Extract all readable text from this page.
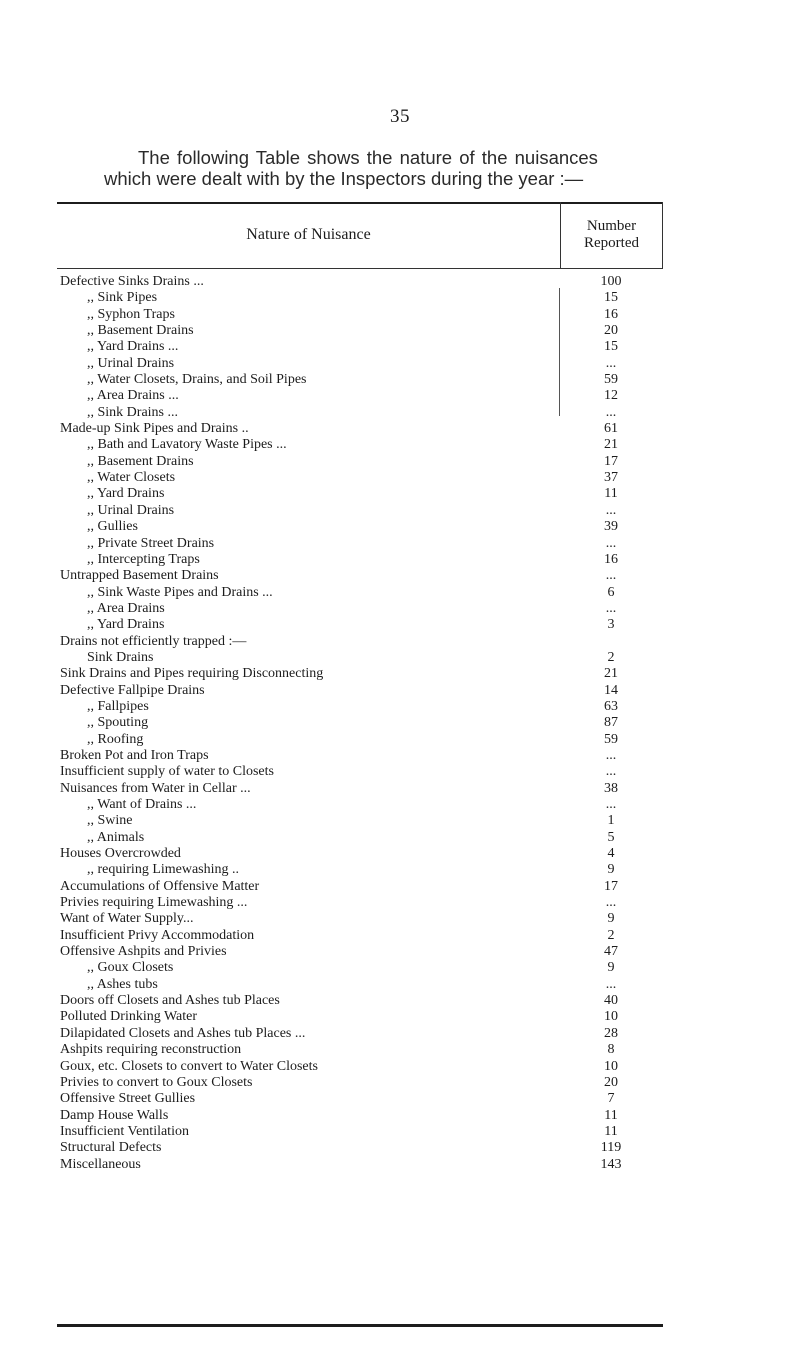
35
The following Table shows the nature of the nuisances
which were dealt with by the Inspectors during the year :—
Nature of Nuisance	Number
Reported
Defective Sinks Drains ...	100
,, Sink Pipes	15
,, Syphon Traps	16
,, Basement Drains	20
,, Yard Drains ...	15
,, Urinal Drains	...
,, Water Closets, Drains, and Soil Pipes	59
,, Area Drains ...	12
,, Sink Drains ...	...
Made-up Sink Pipes and Drains ..	61
,, Bath and Lavatory Waste Pipes ...	21
,, Basement Drains	17
,, Water Closets	37
,, Yard Drains	11
,, Urinal Drains	...
,, Gullies	39
,, Private Street Drains	...
,, Intercepting Traps	16
Untrapped Basement Drains	...
,, Sink Waste Pipes and Drains ...	6
,, Area Drains	...
,, Yard Drains	3
Drains not efficiently trapped :—
Sink Drains	2
Sink Drains and Pipes requiring Disconnecting	21
Defective Fallpipe Drains	14
,, Fallpipes	63
,, Spouting	87
,, Roofing	59
Broken Pot and Iron Traps	...
Insufficient supply of water to Closets	...
Nuisances from Water in Cellar ...	38
,, Want of Drains ...	...
,, Swine	1
,, Animals	5
Houses Overcrowded	4
,, requiring Limewashing ..	9
Accumulations of Offensive Matter	17
Privies requiring Limewashing ...	...
Want of Water Supply...	9
Insufficient Privy Accommodation	2
Offensive Ashpits and Privies	47
,, Goux Closets	9
,, Ashes tubs	...
Doors off Closets and Ashes tub Places	40
Polluted Drinking Water	10
Dilapidated Closets and Ashes tub Places ...	28
Ashpits requiring reconstruction	8
Goux, etc. Closets to convert to Water Closets	10
Privies to convert to Goux Closets	20
Offensive Street Gullies	7
Damp House Walls	11
Insufficient Ventilation	11
Structural Defects	119
Miscellaneous	143
